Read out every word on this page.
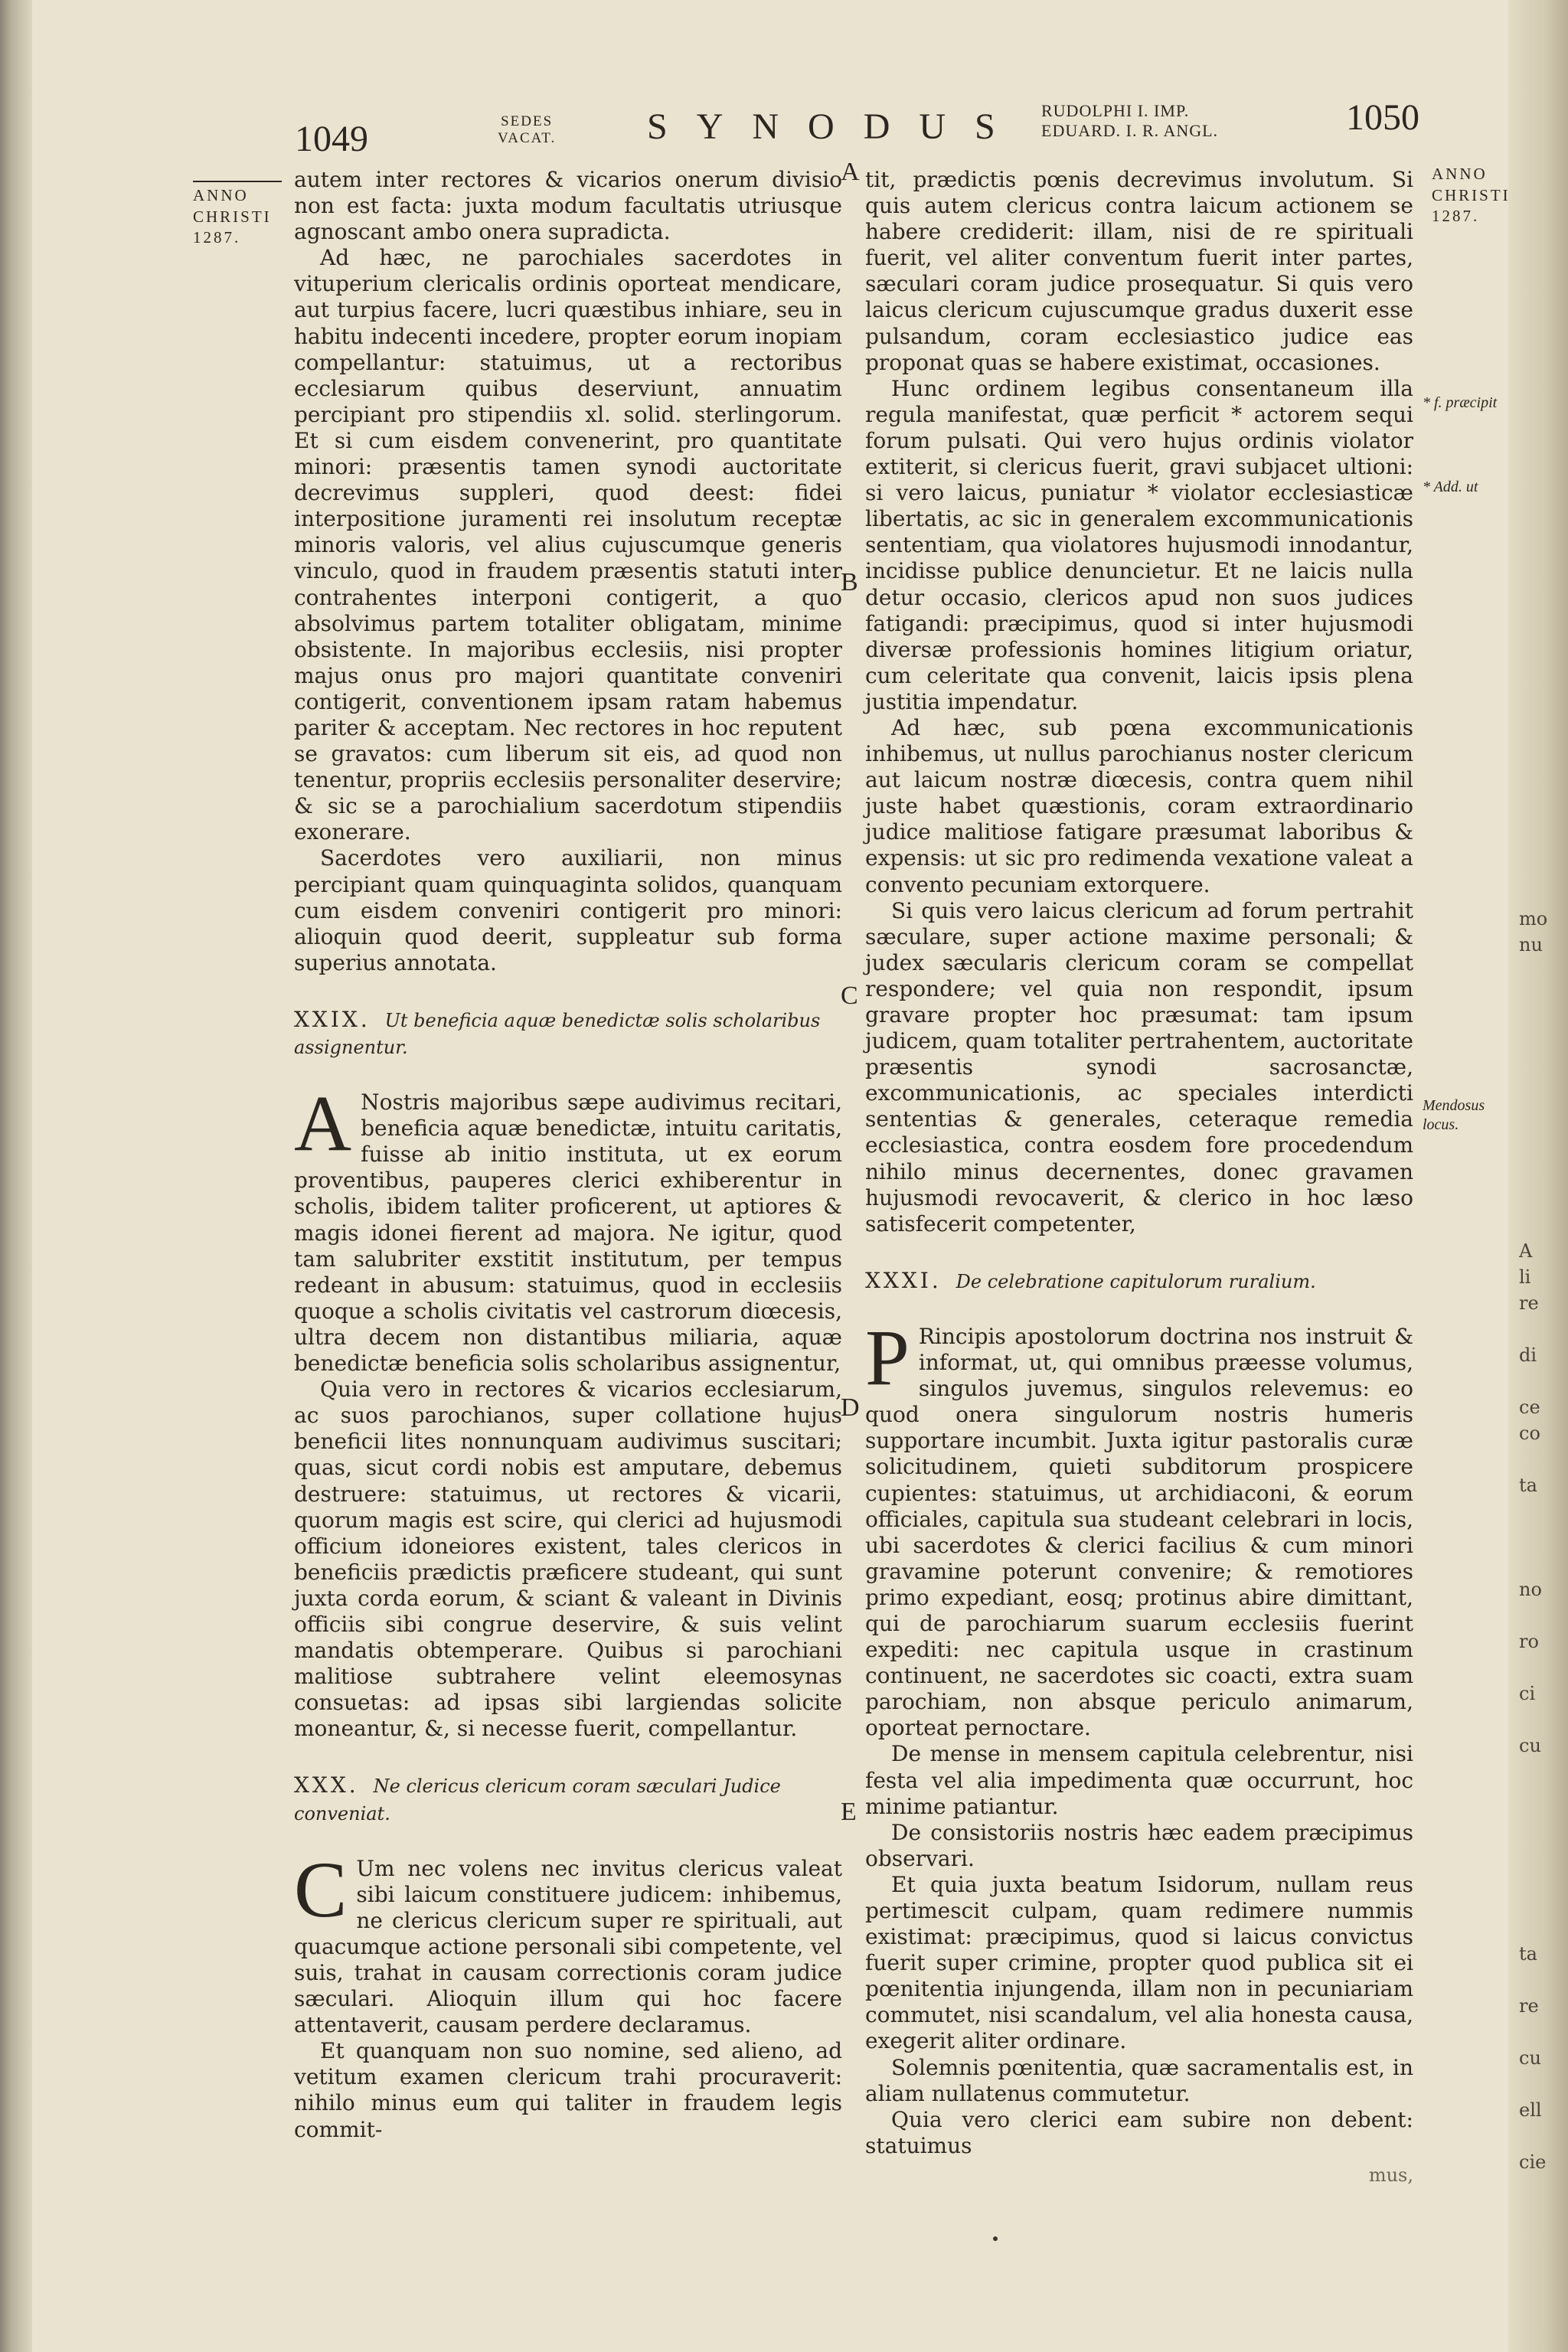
mo
nu
A
li
re
di
ce
co
ta
no
ro
ci
cu
ta
re
cu
ell
cie
1049	SEDES
VACAT. SYNODUS RUDOLPHI I. IMP.
EDUARD. I. R. ANGL.	1050
ANNO
CHRISTI
1287.
ANNO
CHRISTI
1287.
* f. præcipit
* Add. ut
Mendosus locus.
A
B
C
D
E

autem inter rectores & vicarios onerum divisio non est facta: juxta modum facultatis utriusque agnoscant ambo onera supradicta.

Ad hæc, ne parochiales sacerdotes in vituperium clericalis ordinis oporteat mendicare, aut turpius facere, lucri quæstibus inhiare, seu in habitu indecenti incedere, propter eorum inopiam compellantur: statuimus, ut a rectoribus ecclesiarum quibus deserviunt, annuatim percipiant pro stipendiis xl. solid. sterlingorum. Et si cum eisdem convenerint, pro quantitate minori: præsentis tamen synodi auctoritate decrevimus suppleri, quod deest: fidei interpositione juramenti rei insolutum receptæ minoris valoris, vel alius cujuscumque generis vinculo, quod in fraudem præsentis statuti inter contrahentes interponi contigerit, a quo absolvimus partem totaliter obligatam, minime obsistente. In majoribus ecclesiis, nisi propter majus onus pro majori quantitate conveniri contigerit, conventionem ipsam ratam habemus pariter & acceptam. Nec rectores in hoc reputent se gravatos: cum liberum sit eis, ad quod non tenentur, propriis ecclesiis personaliter deservire; & sic se a parochialium sacerdotum stipendiis exonerare.

Sacerdotes vero auxiliarii, non minus percipiant quam quinquaginta solidos, quanquam cum eisdem conveniri contigerit pro minori: alioquin quod deerit, suppleatur sub forma superius annotata.

XXIX. Ut beneficia aquæ benedictæ solis scholaribus assignentur.

A Nostris majoribus sæpe audivimus recitari, beneficia aquæ benedictæ, intuitu caritatis, fuisse ab initio instituta, ut ex eorum proventibus, pauperes clerici exhiberentur in scholis, ibidem taliter proficerent, ut aptiores & magis idonei fierent ad majora. Ne igitur, quod tam salubriter exstitit institutum, per tempus redeant in abusum: statuimus, quod in ecclesiis quoque a scholis civitatis vel castrorum diœcesis, ultra decem non distantibus miliaria, aquæ benedictæ beneficia solis scholaribus assignentur,

Quia vero in rectores & vicarios ecclesiarum, ac suos parochianos, super collatione hujus beneficii lites nonnunquam audivimus suscitari; quas, sicut cordi nobis est amputare, debemus destruere: statuimus, ut rectores & vicarii, quorum magis est scire, qui clerici ad hujusmodi officium idoneiores existent, tales clericos in beneficiis prædictis præficere studeant, qui sunt juxta corda eorum, & sciant & valeant in Divinis officiis sibi congrue deservire, & suis velint mandatis obtemperare. Quibus si parochiani malitiose subtrahere velint eleemosynas consuetas: ad ipsas sibi largiendas solicite moneantur, &, si necesse fuerit, compellantur.

XXX. Ne clericus clericum coram sæculari Judice conveniat.

C Um nec volens nec invitus clericus valeat sibi laicum constituere judicem: inhibemus, ne clericus clericum super re spirituali, aut quacumque actione personali sibi competente, vel suis, trahat in causam correctionis coram judice sæculari. Alioquin illum qui hoc facere attentaverit, causam perdere declaramus.

Et quanquam non suo nomine, sed alieno, ad vetitum examen clericum trahi procuraverit: nihilo minus eum qui taliter in fraudem legis commit-

tit, prædictis pœnis decrevimus involutum. Si quis autem clericus contra laicum actionem se habere crediderit: illam, nisi de re spirituali fuerit, vel aliter conventum fuerit inter partes, sæculari coram judice prosequatur. Si quis vero laicus clericum cujuscumque gradus duxerit esse pulsandum, coram ecclesiastico judice eas proponat quas se habere existimat, occasiones.

Hunc ordinem legibus consentaneum illa regula manifestat, quæ perficit * actorem sequi forum pulsati. Qui vero hujus ordinis violator extiterit, si clericus fuerit, gravi subjacet ultioni: si vero laicus, puniatur * violator ecclesiasticæ libertatis, ac sic in generalem excommunicationis sententiam, qua violatores hujusmodi innodantur, incidisse publice denuncietur. Et ne laicis nulla detur occasio, clericos apud non suos judices fatigandi: præcipimus, quod si inter hujusmodi diversæ professionis homines litigium oriatur, cum celeritate qua convenit, laicis ipsis plena justitia impendatur.

Ad hæc, sub pœna excommunicationis inhibemus, ut nullus parochianus noster clericum aut laicum nostræ diœcesis, contra quem nihil juste habet quæstionis, coram extraordinario judice malitiose fatigare præsumat laboribus & expensis: ut sic pro redimenda vexatione valeat a convento pecuniam extorquere.

Si quis vero laicus clericum ad forum pertrahit sæculare, super actione maxime personali; & judex sæcularis clericum coram se compellat respondere; vel quia non respondit, ipsum gravare propter hoc præsumat: tam ipsum judicem, quam totaliter pertrahentem, auctoritate præsentis synodi sacrosanctæ, excommunicationis, ac speciales interdicti sententias & generales, ceteraque remedia ecclesiastica, contra eosdem fore procedendum nihilo minus decernentes, donec gravamen hujusmodi revocaverit, & clerico in hoc læso satisfecerit competenter,

XXXI. De celebratione capitulorum ruralium.

P Rincipis apostolorum doctrina nos instruit & informat, ut, qui omnibus præesse volumus, singulos juvemus, singulos relevemus: eo quod onera singulorum nostris humeris supportare incumbit. Juxta igitur pastoralis curæ solicitudinem, quieti subditorum prospicere cupientes: statuimus, ut archidiaconi, & eorum officiales, capitula sua studeant celebrari in locis, ubi sacerdotes & clerici facilius & cum minori gravamine poterunt convenire; & remotiores primo expediant, eosq; protinus abire dimittant, qui de parochiarum suarum ecclesiis fuerint expediti: nec capitula usque in crastinum continuent, ne sacerdotes sic coacti, extra suam parochiam, non absque periculo animarum, oporteat pernoctare.

De mense in mensem capitula celebrentur, nisi festa vel alia impedimenta quæ occurrunt, hoc minime patiantur.

De consistoriis nostris hæc eadem præcipimus observari.

Et quia juxta beatum Isidorum, nullam reus pertimescit culpam, quam redimere nummis existimat: præcipimus, quod si laicus convictus fuerit super crimine, propter quod publica sit ei pœnitentia injungenda, illam non in pecuniariam commutet, nisi scandalum, vel alia honesta causa, exegerit aliter ordinare.

Solemnis pœnitentia, quæ sacramentalis est, in aliam nullatenus commutetur.

Quia vero clerici eam subire non debent: statuimus

mus,
